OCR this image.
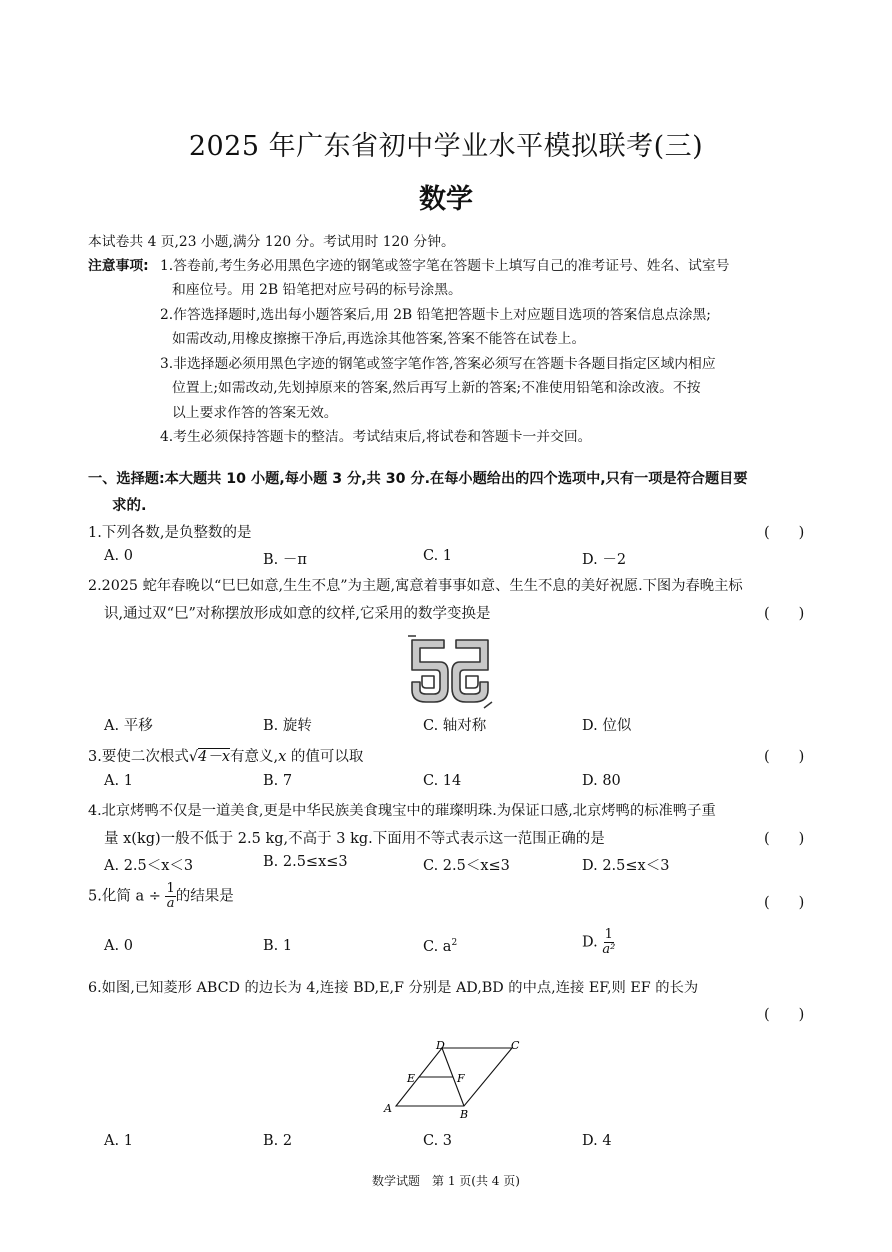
2025 年广东省初中学业水平模拟联考(三)
数学
本试卷共 4 页,23 小题,满分 120 分。考试用时 120 分钟。
注意事项: 1.答卷前,考生务必用黑色字迹的钢笔或签字笔在答题卡上填写自己的准考证号、姓名、试室号
和座位号。用 2B 铅笔把对应号码的标号涂黑。
2.作答选择题时,选出每小题答案后,用 2B 铅笔把答题卡上对应题目选项的答案信息点涂黑;
如需改动,用橡皮擦擦干净后,再选涂其他答案,答案不能答在试卷上。
3.非选择题必须用黑色字迹的钢笔或签字笔作答,答案必须写在答题卡各题目指定区域内相应
位置上;如需改动,先划掉原来的答案,然后再写上新的答案;不准使用铅笔和涂改液。不按
以上要求作答的答案无效。
4.考生必须保持答题卡的整洁。考试结束后,将试卷和答题卡一并交回。
一、选择题:本大题共 10 小题,每小题 3 分,共 30 分.在每小题给出的四个选项中,只有一项是符合题目要
求的.
1.下列各数,是负整数的是	(　　)
A. 0	B. －π	C. 1	D. －2
2.2025 蛇年春晚以“巳巳如意,生生不息”为主题,寓意着事事如意、生生不息的美好祝愿.下图为春晚主标
识,通过双“巳”对称摆放形成如意的纹样,它采用的数学变换是	(　　)
A. 平移	B. 旋转	C. 轴对称	D. 位似
3.要使二次根式√4－x有意义,x 的值可以取	(　　)
A. 1	B. 7	C. 14	D. 80
4.北京烤鸭不仅是一道美食,更是中华民族美食瑰宝中的璀璨明珠.为保证口感,北京烤鸭的标准鸭子重
量 x(kg)一般不低于 2.5 kg,不高于 3 kg.下面用不等式表示这一范围正确的是	(　　)
A. 2.5＜x＜3	B. 2.5≤x≤3	C. 2.5＜x≤3	D. 2.5≤x＜3
5.化简 $a \div \frac{1}{a}$ 的结果是	(　　)
A. 0	B. 1	C. $a^2$	D. $\frac{1}{\text{a²}}$
6.如图,已知菱形 ABCD 的边长为 4,连接 BD,E,F 分别是 AD,BD 的中点,连接 EF,则 EF 的长为
(　　)
A	B
C
D
E	F
A. 1	B. 2	C. 3	D. 4
数学试题　第 1 页(共 4 页)
